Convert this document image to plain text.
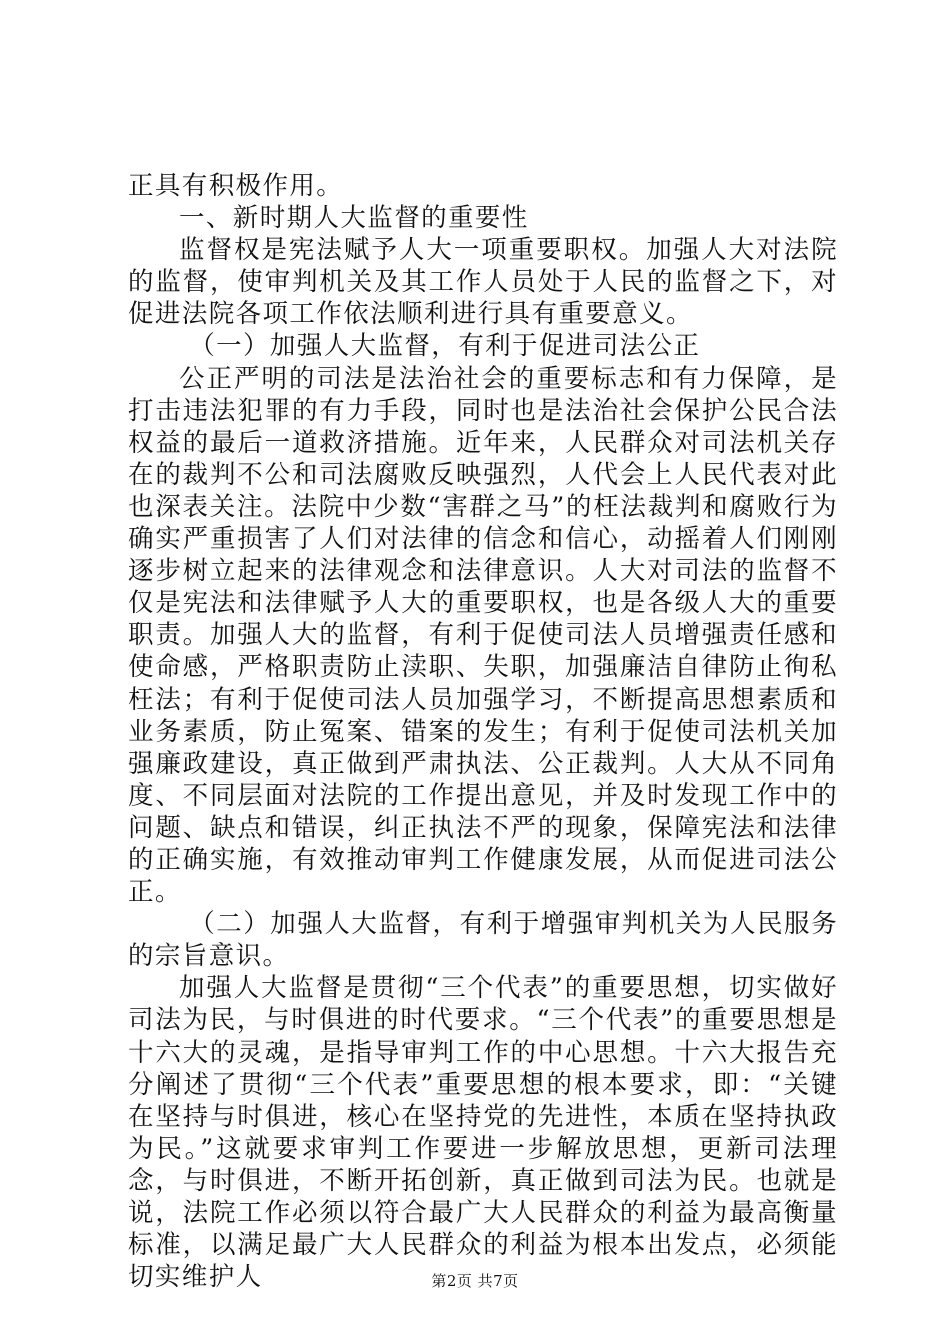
正具有积极作用。

一、新时期人大监督的重要性

监督权是宪法赋予人大一项重要职权。加强人大对法院的监督，使审判机关及其工作人员处于人民的监督之下，对促进法院各项工作依法顺利进行具有重要意义。

（一）加强人大监督，有利于促进司法公正

公正严明的司法是法治社会的重要标志和有力保障，是打击违法犯罪的有力手段，同时也是法治社会保护公民合法权益的最后一道救济措施。近年来，人民群众对司法机关存在的裁判不公和司法腐败反映强烈，人代会上人民代表对此也深表关注。法院中少数“害群之马”的枉法裁判和腐败行为确实严重损害了人们对法律的信念和信心，动摇着人们刚刚逐步树立起来的法律观念和法律意识。人大对司法的监督不仅是宪法和法律赋予人大的重要职权，也是各级人大的重要职责。加强人大的监督，有利于促使司法人员增强责任感和使命感，严格职责防止渎职、失职，加强廉洁自律防止徇私枉法；有利于促使司法人员加强学习，不断提高思想素质和业务素质，防止冤案、错案的发生；有利于促使司法机关加强廉政建设，真正做到严肃执法、公正裁判。人大从不同角度、不同层面对法院的工作提出意见，并及时发现工作中的问题、缺点和错误，纠正执法不严的现象，保障宪法和法律的正确实施，有效推动审判工作健康发展，从而促进司法公正。

（二）加强人大监督，有利于增强审判机关为人民服务的宗旨意识。

加强人大监督是贯彻“三个代表”的重要思想，切实做好司法为民，与时俱进的时代要求。“三个代表”的重要思想是十六大的灵魂，是指导审判工作的中心思想。十六大报告充分阐述了贯彻“三个代表”重要思想的根本要求，即：“关键在坚持与时俱进，核心在坚持党的先进性，本质在坚持执政为民。”这就要求审判工作要进一步解放思想，更新司法理念，与时俱进，不断开拓创新，真正做到司法为民。也就是说，法院工作必须以符合最广大人民群众的利益为最高衡量标准，以满足最广大人民群众的利益为根本出发点，必须能切实维护人	第2页 共7页
